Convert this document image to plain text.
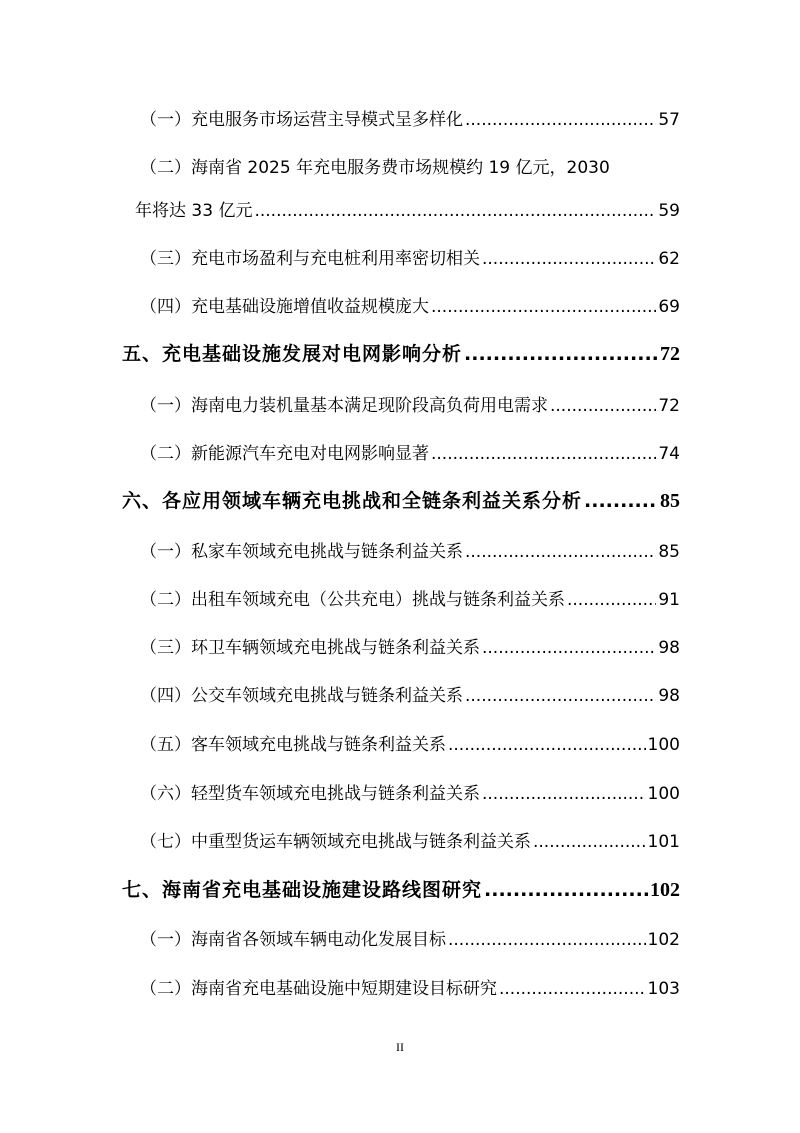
（一）充电服务市场运营主导模式呈多样化 .....	57
（二）海南省 2025 年充电服务费市场规模约 19 亿元，2030
年将达 33 亿元 .....	59
（三）充电市场盈利与充电桩利用率密切相关 .....	62
（四）充电基础设施增值收益规模庞大 .....	69
五、充电基础设施发展对电网影响分析 .....	72
（一）海南电力装机量基本满足现阶段高负荷用电需求 .....	72
（二）新能源汽车充电对电网影响显著 .....	74
六、各应用领域车辆充电挑战和全链条利益关系分析 .....	85
（一）私家车领域充电挑战与链条利益关系 .....	85
（二）出租车领域充电（公共充电）挑战与链条利益关系 .....	91
（三）环卫车辆领域充电挑战与链条利益关系 .....	98
（四）公交车领域充电挑战与链条利益关系 .....	98
（五）客车领域充电挑战与链条利益关系 .....	100
（六）轻型货车领域充电挑战与链条利益关系 .....	100
（七）中重型货运车辆领域充电挑战与链条利益关系 .....	101
七、海南省充电基础设施建设路线图研究 .....	102
（一）海南省各领域车辆电动化发展目标 .....	102
（二）海南省充电基础设施中短期建设目标研究 .....	103
II
